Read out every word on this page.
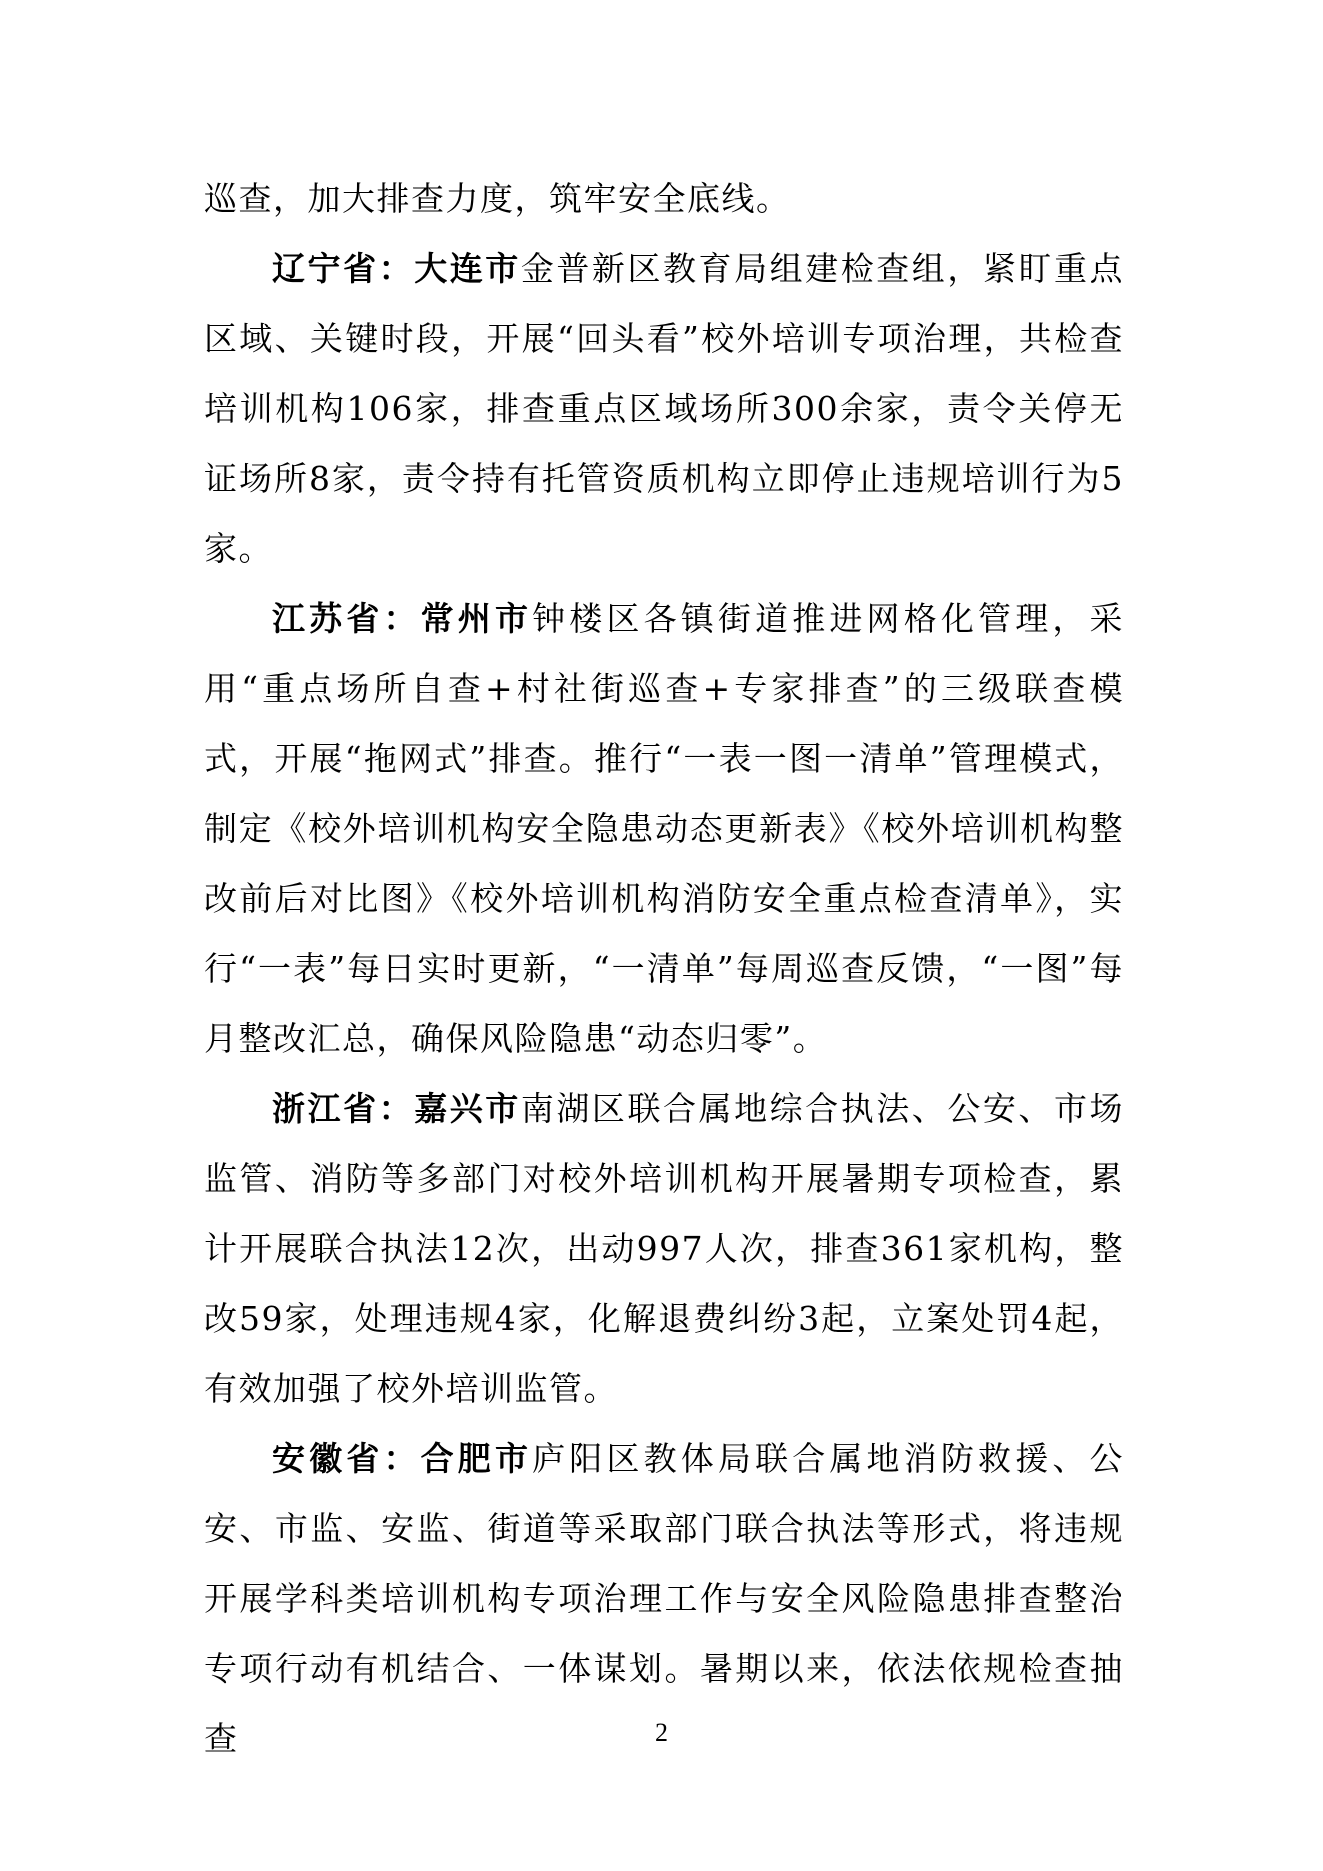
巡查，加大排查力度，筑牢安全底线。

辽宁省：大连市金普新区教育局组建检查组，紧盯重点区域、关键时段，开展“回头看”校外培训专项治理，共检查培训机构106家，排查重点区域场所300余家，责令关停无证场所8家，责令持有托管资质机构立即停止违规培训行为5家。

江苏省：常州市钟楼区各镇街道推进网格化管理，采用“重点场所自查+村社街巡查+专家排查”的三级联查模式，开展“拖网式”排查。推行“一表一图一清单”管理模式，制定《校外培训机构安全隐患动态更新表》《校外培训机构整改前后对比图》《校外培训机构消防安全重点检查清单》，实行“一表”每日实时更新，“一清单”每周巡查反馈，“一图”每月整改汇总，确保风险隐患“动态归零”。

浙江省：嘉兴市南湖区联合属地综合执法、公安、市场监管、消防等多部门对校外培训机构开展暑期专项检查，累计开展联合执法12次，出动997人次，排查361家机构，整改59家，处理违规4家，化解退费纠纷3起，立案处罚4起，有效加强了校外培训监管。

安徽省：合肥市庐阳区教体局联合属地消防救援、公安、市监、安监、街道等采取部门联合执法等形式，将违规开展学科类培训机构专项治理工作与安全风险隐患排查整治专项行动有机结合、一体谋划。暑期以来，依法依规检查抽查	2
